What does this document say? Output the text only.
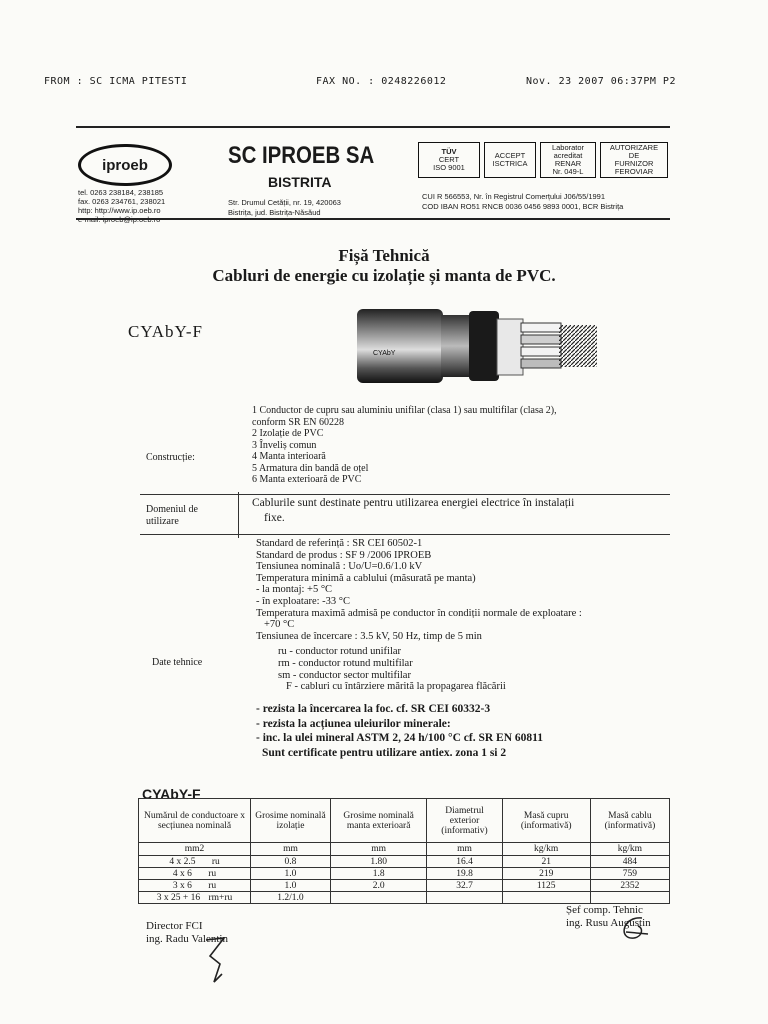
FROM : SC ICMA PITESTI	FAX NO. : 0248226012	Nov. 23 2007 06:37PM P2
iproeb	SC IPROEB SA
BISTRITA
tel. 0263 238184, 238185
fax. 0263 234761, 238021
http: http://www.ip.oeb.ro
Str. Drumul Cetății, nr. 19, 420063
Bistrița, jud. Bistrița-Năsăud
TÜV
CERT
ISO 9001
ACCEPT
ISCTRICA
Laborator
acreditat
RENAR
Nr. 049-L
AUTORIZARE
DE
FURNIZOR
FEROVIAR
CUI R 566553, Nr. în Registrul Comerțului J06/55/1991
COD IBAN RO51 RNCB 0036 0456 9893 0001, BCR Bistrița
Fișă Tehnică
Cabluri de energie cu izolație și manta de PVC.
CYAbY-F
CYAbY
Construcție:
1 Conductor de cupru sau aluminiu unifilar (clasa 1) sau multifilar (clasa 2),
conform SR EN 60228
2 Izolație de PVC
3 Înveliș comun
4 Manta interioară
5 Armatura din bandă de oțel
6 Manta exterioară de PVC
Domeniul de
utilizare
Cablurile sunt destinate pentru utilizarea energiei electrice în instalații
fixe.
Date tehnice
Standard de referință : SR CEI 60502-1
Standard de produs : SF 9 /2006 IPROEB
Tensiunea nominală : Uo/U=0.6/1.0 kV
Temperatura minimă a cablului (măsurată pe manta)
- la montaj: +5 °C
- în exploatare: -33 °C
Temperatura maximă admisă pe conductor în condiții normale de exploatare :
+70 °C
Tensiunea de încercare : 3.5 kV, 50 Hz, timp de 5 min
ru - conductor rotund unifilar
rm - conductor rotund multifilar
sm - conductor sector multifilar
F - cabluri cu întârziere mărită la propagarea flăcării
- rezista la încercarea la foc. cf. SR CEI 60332-3
- rezista la acțiunea uleiurilor minerale:
- inc. la ulei mineral ASTM 2, 24 h/100 °C cf. SR EN 60811
Sunt certificate pentru utilizare antiex. zona 1 si 2
CYAbY-F
Numărul de conductoare x secțiunea nominală	Grosime nominală izolație	Grosime nominală manta exterioară	Diametrul exterior (informativ)	Masă cupru (informativă)	Masă cablu (informativă)
mm2	mm	mm	mm	kg/km	kg/km
4 x 2.5 ru	0.8	1.80	16.4	21	484
4 x 6 ru	1.0	1.8	19.8	219	759
3 x 6 ru	1.0	2.0	32.7	1125	2352
3 x 25 + 16 rm+ru	1.2/1.0				
Director FCI
ing. Radu Valentin
Șef comp. Tehnic
ing. Rusu Augustin
